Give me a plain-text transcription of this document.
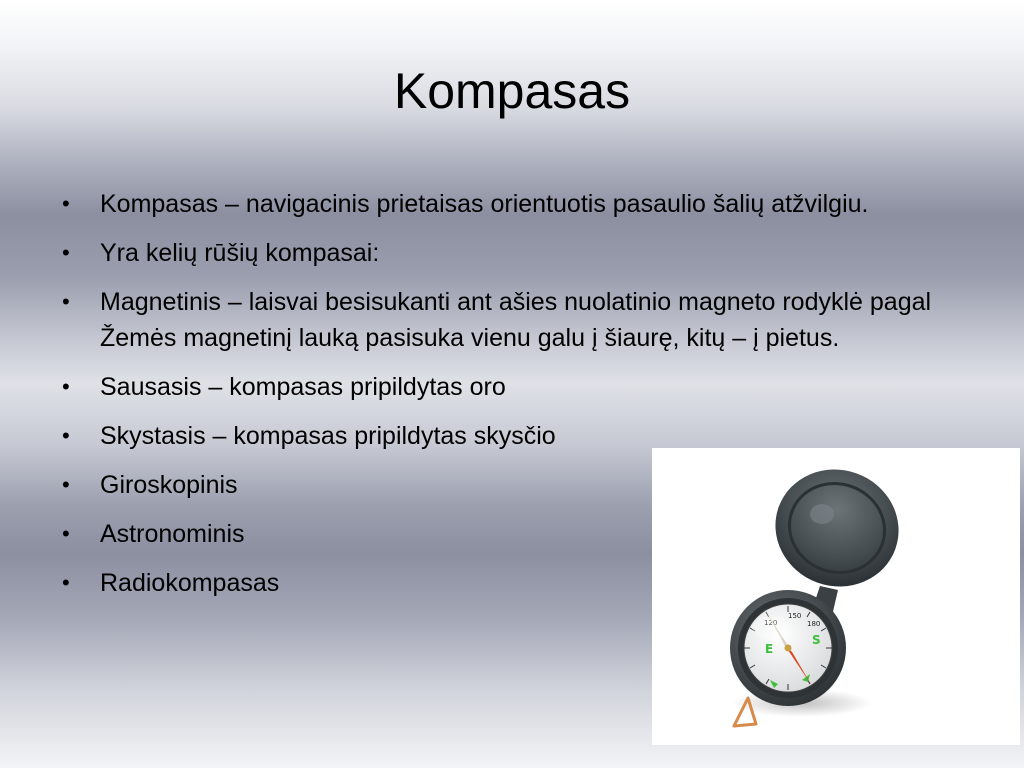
Kompasas
• Kompasas – navigacinis prietaisas orientuotis pasaulio šalių atžvilgiu.
• Yra kelių rūšių kompasai:
• Magnetinis – laisvai besisukanti ant ašies nuolatinio magneto rodyklė pagal Žemės magnetinį lauką pasisuka vienu galu į šiaurę, kitų – į pietus.
• Sausasis – kompasas pripildytas oro
• Skystasis – kompasas pripildytas skysčio
• Giroskopinis
• Astronominis
• Radiokompasas
120
150
180
S
E
